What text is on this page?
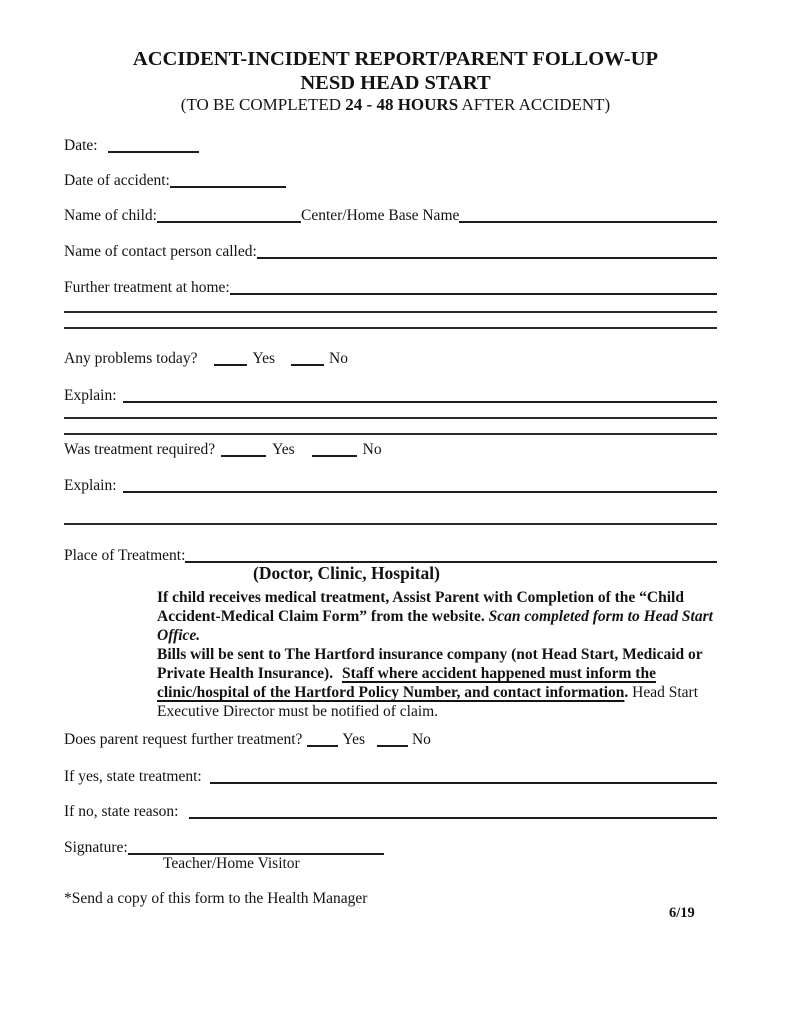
ACCIDENT-INCIDENT REPORT/PARENT FOLLOW-UP
NESD HEAD START
(TO BE COMPLETED 24 - 48 HOURS AFTER ACCIDENT)
Date:
Date of accident:
Name of child:	Center/Home Base Name
Name of contact person called:
Further treatment at home:
Any problems today?	Yes	No
Explain:
Was treatment required?	Yes	No
Explain:
Place of Treatment:
(Doctor, Clinic, Hospital)

If child receives medical treatment, Assist Parent with Completion of the “Child Accident-Medical Claim Form” from the website. Scan completed form to Head Start Office.

Bills will be sent to The Hartford insurance company (not Head Start, Medicaid or Private Health Insurance). Staff where accident happened must inform the clinic/hospital of the Hartford Policy Number, and contact information. Head Start Executive Director must be notified of claim.

Does parent request further treatment?	Yes	No
If yes, state treatment:
If no, state reason:
Signature:
Teacher/Home Visitor
*Send a copy of this form to the Health Manager
6/19
